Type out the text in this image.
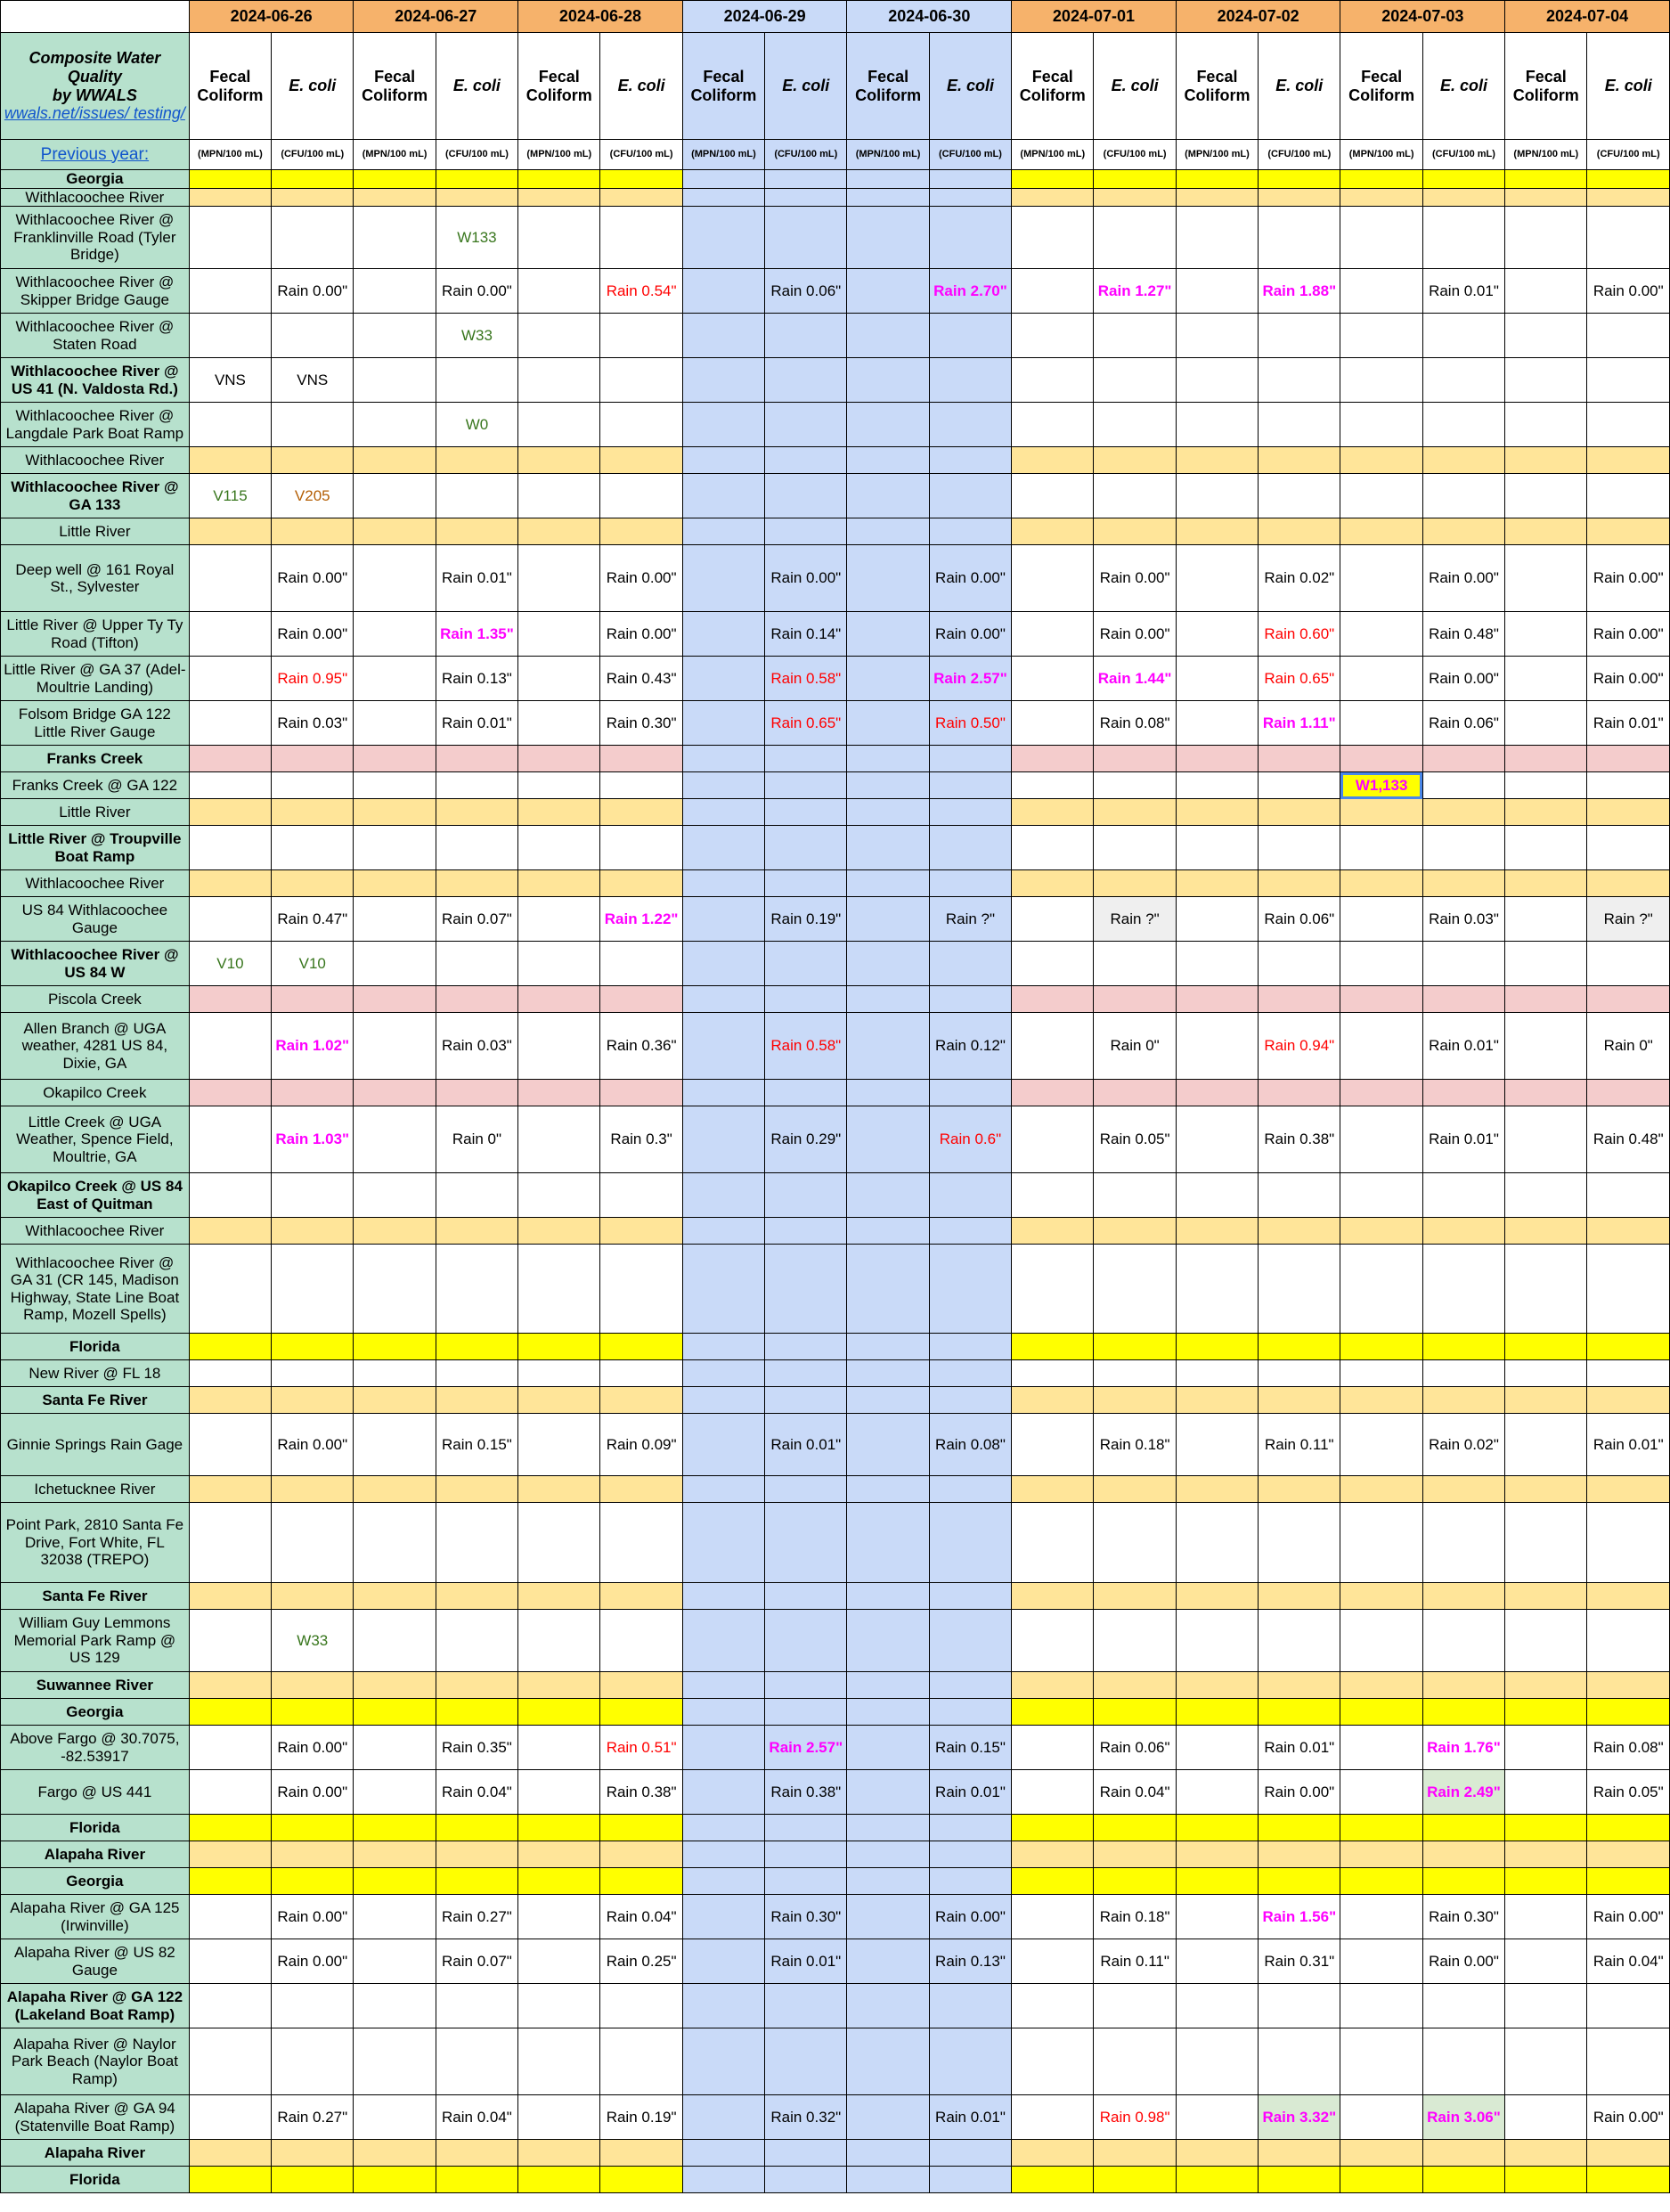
	2024-06-26		2024-06-27		2024-06-28		2024-06-29		2024-06-30		2024-07-01		2024-07-02		2024-07-03		2024-07-04	

Composite Water Quality
by WWALS
wwals.net/issues/ testing/	Fecal Coliform	E. coli	Fecal Coliform	E. coli	Fecal Coliform	E. coli	Fecal Coliform	E. coli	Fecal Coliform	E. coli	Fecal Coliform	E. coli	Fecal Coliform	E. coli	Fecal Coliform	E. coli	Fecal Coliform	E. coli
Previous year:	(MPN/100 mL)	(CFU/100 mL)	(MPN/100 mL)	(CFU/100 mL)	(MPN/100 mL)	(CFU/100 mL)	(MPN/100 mL)	(CFU/100 mL)	(MPN/100 mL)	(CFU/100 mL)	(MPN/100 mL)	(CFU/100 mL)	(MPN/100 mL)	(CFU/100 mL)	(MPN/100 mL)	(CFU/100 mL)	(MPN/100 mL)	(CFU/100 mL)
Georgia																		
Withlacoochee River																		
Withlacoochee River @ Franklinville Road (Tyler Bridge)				W133														
Withlacoochee River @ Skipper Bridge Gauge		Rain 0.00"		Rain 0.00"		Rain 0.54"		Rain 0.06"		Rain 2.70"		Rain 1.27"		Rain 1.88"		Rain 0.01"		Rain 0.00"
Withlacoochee River @ Staten Road				W33														
Withlacoochee River @ US 41 (N. Valdosta Rd.)	VNS	VNS																
Withlacoochee River @ Langdale Park Boat Ramp				W0														
Withlacoochee River																		
Withlacoochee River @ GA 133	V115	V205																
Little River																		
Deep well @ 161 Royal St., Sylvester		Rain 0.00"		Rain 0.01"		Rain 0.00"		Rain 0.00"		Rain 0.00"		Rain 0.00"		Rain 0.02"		Rain 0.00"		Rain 0.00"
Little River @ Upper Ty Ty Road (Tifton)		Rain 0.00"		Rain 1.35"		Rain 0.00"		Rain 0.14"		Rain 0.00"		Rain 0.00"		Rain 0.60"		Rain 0.48"		Rain 0.00"
Little River @ GA 37 (Adel-Moultrie Landing)		Rain 0.95"		Rain 0.13"		Rain 0.43"		Rain 0.58"		Rain 2.57"		Rain 1.44"		Rain 0.65"		Rain 0.00"		Rain 0.00"
Folsom Bridge GA 122 Little River Gauge		Rain 0.03"		Rain 0.01"		Rain 0.30"		Rain 0.65"		Rain 0.50"		Rain 0.08"		Rain 1.11"		Rain 0.06"		Rain 0.01"
Franks Creek																		
Franks Creek @ GA 122															W1,133			
Little River																		
Little River @ Troupville Boat Ramp																		
Withlacoochee River																		
US 84 Withlacoochee Gauge		Rain 0.47"		Rain 0.07"		Rain 1.22"		Rain 0.19"		Rain ?"		Rain ?"		Rain 0.06"		Rain 0.03"		Rain ?"
Withlacoochee River @ US 84 W	V10	V10																
Piscola Creek																		
Allen Branch @ UGA weather, 4281 US 84, Dixie, GA		Rain 1.02"		Rain 0.03"		Rain 0.36"		Rain 0.58"		Rain 0.12"		Rain 0"		Rain 0.94"		Rain 0.01"		Rain 0"
Okapilco Creek																		
Little Creek @ UGA Weather, Spence Field, Moultrie, GA		Rain 1.03"		Rain 0"		Rain 0.3"		Rain 0.29"		Rain 0.6"		Rain 0.05"		Rain 0.38"		Rain 0.01"		Rain 0.48"
Okapilco Creek @ US 84 East of Quitman																		
Withlacoochee River																		
Withlacoochee River @ GA 31 (CR 145, Madison Highway, State Line Boat Ramp, Mozell Spells)																		
Florida																		
New River @ FL 18																		
Santa Fe River																		
Ginnie Springs Rain Gage		Rain 0.00"		Rain 0.15"		Rain 0.09"		Rain 0.01"		Rain 0.08"		Rain 0.18"		Rain 0.11"		Rain 0.02"		Rain 0.01"
Ichetucknee River																		
Point Park, 2810 Santa Fe Drive, Fort White, FL 32038 (TREPO)																		
Santa Fe River																		
William Guy Lemmons Memorial Park Ramp @ US 129		W33																
Suwannee River																		
Georgia																		
Above Fargo @ 30.7075, -82.53917		Rain 0.00"		Rain 0.35"		Rain 0.51"		Rain 2.57"		Rain 0.15"		Rain 0.06"		Rain 0.01"		Rain 1.76"		Rain 0.08"
Fargo @ US 441		Rain 0.00"		Rain 0.04"		Rain 0.38"		Rain 0.38"		Rain 0.01"		Rain 0.04"		Rain 0.00"		Rain 2.49"		Rain 0.05"
Florida																		
Alapaha River																		
Georgia																		
Alapaha River @ GA 125 (Irwinville)		Rain 0.00"		Rain 0.27"		Rain 0.04"		Rain 0.30"		Rain 0.00"		Rain 0.18"		Rain 1.56"		Rain 0.30"		Rain 0.00"
Alapaha River @ US 82 Gauge		Rain 0.00"		Rain 0.07"		Rain 0.25"		Rain 0.01"		Rain 0.13"		Rain 0.11"		Rain 0.31"		Rain 0.00"		Rain 0.04"
Alapaha River @ GA 122 (Lakeland Boat Ramp)																		
Alapaha River @ Naylor Park Beach (Naylor Boat Ramp)																		
Alapaha River @ GA 94 (Statenville Boat Ramp)		Rain 0.27"		Rain 0.04"		Rain 0.19"		Rain 0.32"		Rain 0.01"		Rain 0.98"		Rain 3.32"		Rain 3.06"		Rain 0.00"
Alapaha River																		
Florida																		
